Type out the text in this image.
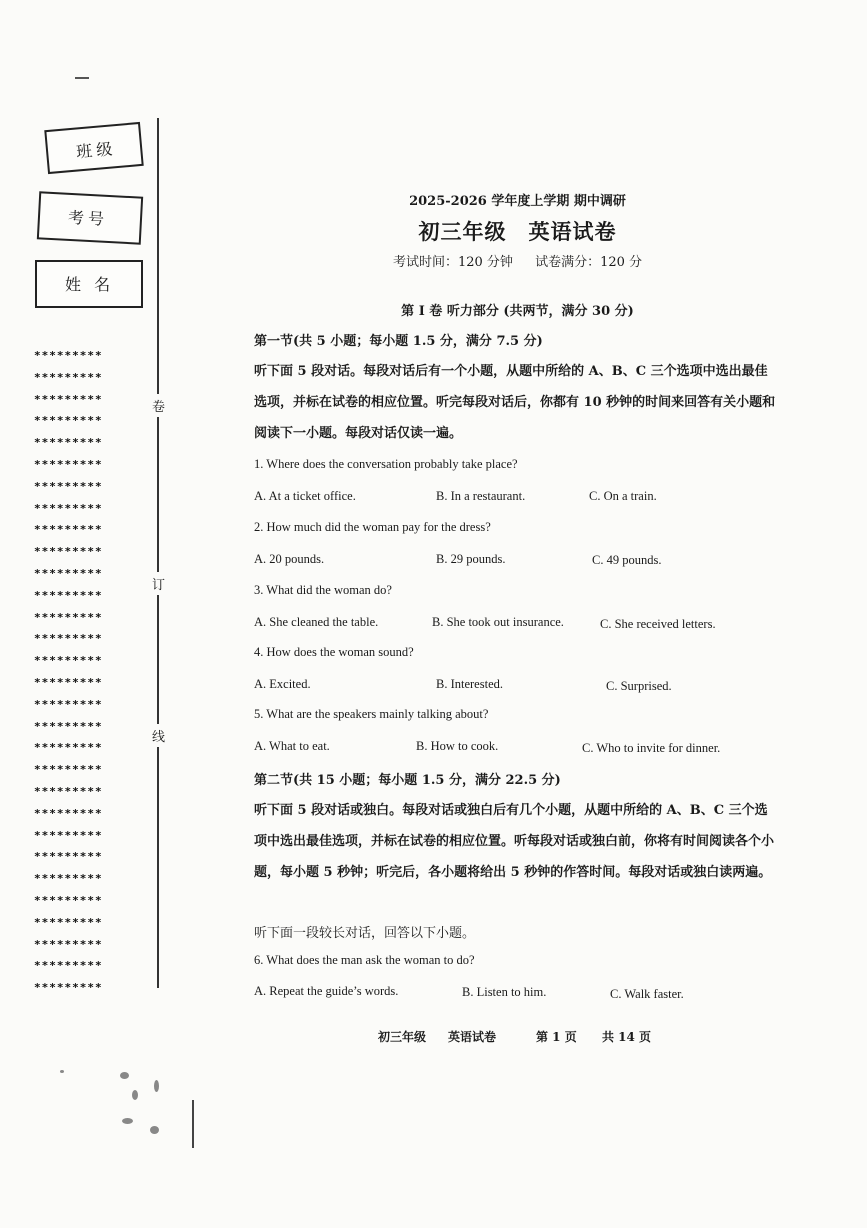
班级
考号
姓 名
*********
*********
*********
*********
*********
*********
*********
*********
*********
*********
*********
*********
*********
*********
*********
*********
*********
*********
*********
*********
*********
*********
*********
*********
*********
*********
*********
*********
*********
*********
卷
订
线
2025-2026 学年度上学期 期中调研
初三年级　英语试卷
考试时间：120 分钟 试卷满分：120 分
第 I 卷 听力部分 (共两节，满分 30 分)
第一节(共 5 小题；每小题 1.5 分，满分 7.5 分)
听下面 5 段对话。每段对话后有一个小题，从题中所给的 A、B、C 三个选项中选出最佳选项，并标在试卷的相应位置。听完每段对话后，你都有 10 秒钟的时间来回答有关小题和阅读下一小题。每段对话仅读一遍。
1. Where does the conversation probably take place?
A. At a ticket office.	B. In a restaurant.	C. On a train.
2. How much did the woman pay for the dress?
A. 20 pounds.	B. 29 pounds.	C. 49 pounds.
3. What did the woman do?
A. She cleaned the table.	B. She took out insurance.	C. She received letters.
4. How does the woman sound?
A. Excited.	B. Interested.	C. Surprised.
5. What are the speakers mainly talking about?
A. What to eat.	B. How to cook.	C. Who to invite for dinner.
第二节(共 15 小题；每小题 1.5 分，满分 22.5 分)
听下面 5 段对话或独白。每段对话或独白后有几个小题，从题中所给的 A、B、C 三个选项中选出最佳选项，并标在试卷的相应位置。听每段对话或独白前，你将有时间阅读各个小题，每小题 5 秒钟；听完后，各小题将给出 5 秒钟的作答时间。每段对话或独白读两遍。
听下面一段较长对话，回答以下小题。
6. What does the man ask the woman to do?
A. Repeat the guide’s words.	B. Listen to him.	C. Walk faster.
初三年级 英语试卷	第 1 页 共 14 页
